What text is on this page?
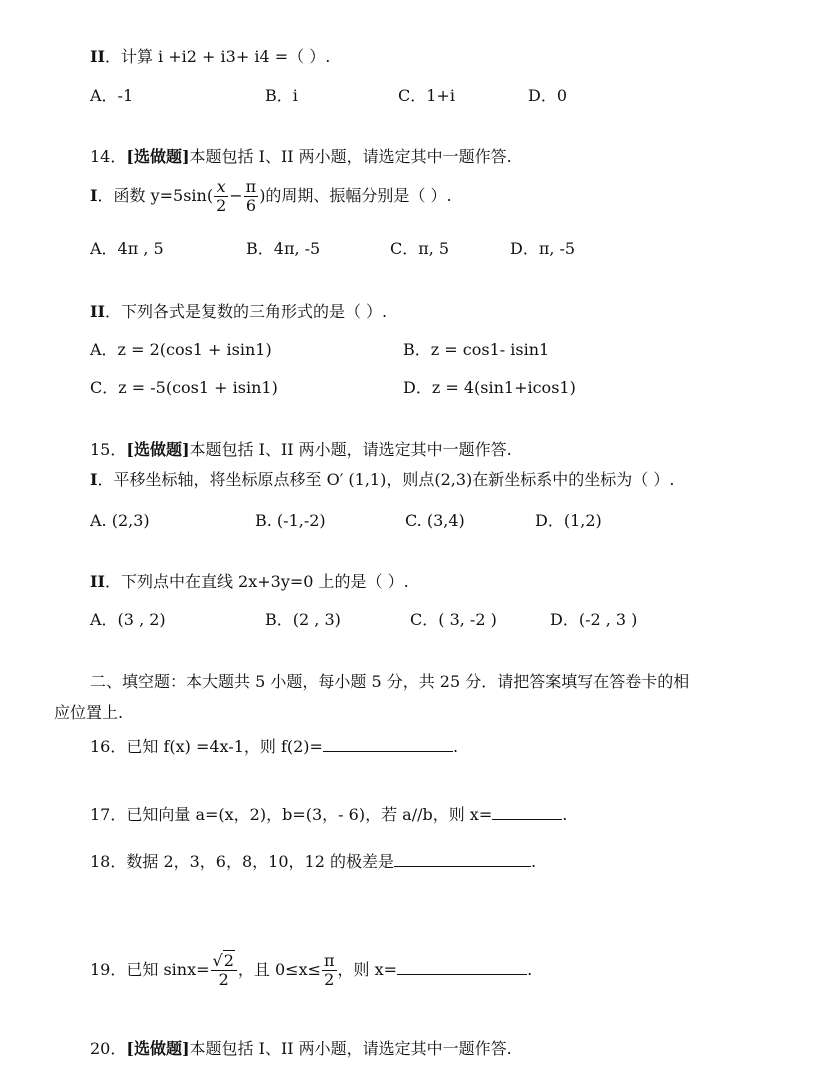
II．计算 i +i2 + i3+ i4 =（ ）.
A．-1	B．i	C．1+i	D．0
14．[选做题]本题包括 I、II 两小题，请选定其中一题作答.
I．函数 $y=5\sin( \frac{x}{2} - \frac{\pi}{6}$ )的周期、振幅分别是（ ）.
A．4π , 5	B．4π, -5	C．π, 5	D．π, -5
II．下列各式是复数的三角形式的是（ ）.
A．z = 2(cos1 + isin1)	B．z = cos1- isin1
C．z = -5(cos1 + isin1)	D．z = 4(sin1+icos1)
15．[选做题]本题包括 I、II 两小题，请选定其中一题作答.
I．平移坐标轴，将坐标原点移至 O′ (1,1)，则点(2,3)在新坐标系中的坐标为（ ）.
A. (2,3)	B. (-1,-2)	C. (3,4)	D．(1,2)
II．下列点中在直线 2x+3y=0 上的是（ ）.
A．(3 , 2)	B．(2 , 3)	C．( 3, -2 )	D．(-2 , 3 )
二、填空题：本大题共 5 小题，每小题 5 分，共 25 分．请把答案填写在答卷卡的相
应位置上.
16．已知 f(x) =4x-1，则 f(2)=	.
17．已知向量 a=(x，2)，b=(3，- 6)，若 a//b，则 x=	.
18．数据 2，3，6，8，10，12 的极差是	.
19．已知 $\sin x= \frac{√2}{2}$ ，且 $0\le x\le \frac{\pi}{2}$ ，则 x=	.
20．[选做题]本题包括 I、II 两小题，请选定其中一题作答.
